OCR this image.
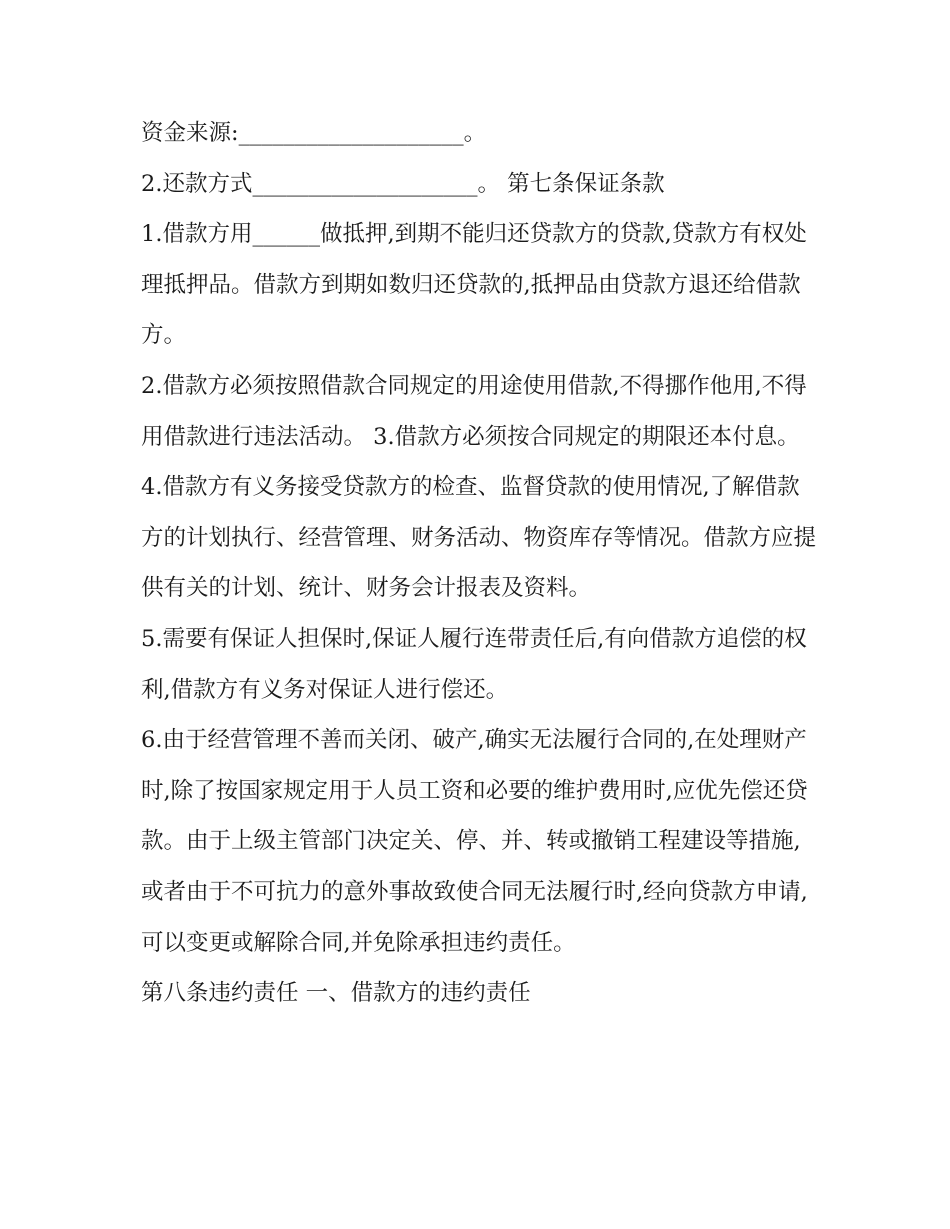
资金来源:____________________。

2.还款方式____________________。 第七条保证条款

1.借款方用______做抵押,到期不能归还贷款方的贷款,贷款方有权处理抵押品。借款方到期如数归还贷款的,抵押品由贷款方退还给借款方。

2.借款方必须按照借款合同规定的用途使用借款,不得挪作他用,不得用借款进行违法活动。 3.借款方必须按合同规定的期限还本付息。

4.借款方有义务接受贷款方的检查、监督贷款的使用情况,了解借款方的计划执行、经营管理、财务活动、物资库存等情况。借款方应提供有关的计划、统计、财务会计报表及资料。

5.需要有保证人担保时,保证人履行连带责任后,有向借款方追偿的权利,借款方有义务对保证人进行偿还。

6.由于经营管理不善而关闭、破产,确实无法履行合同的,在处理财产时,除了按国家规定用于人员工资和必要的维护费用时,应优先偿还贷款。由于上级主管部门决定关、停、并、转或撤销工程建设等措施,或者由于不可抗力的意外事故致使合同无法履行时,经向贷款方申请,可以变更或解除合同,并免除承担违约责任。

第八条违约责任 一、借款方的违约责任
